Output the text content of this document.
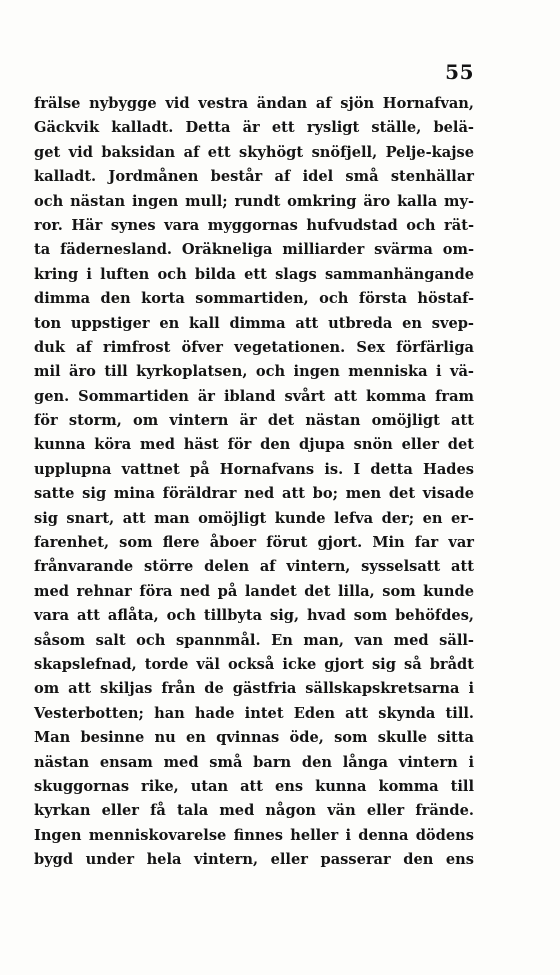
55
frälse nybygge vid vestra ändan af sjön Hornafvan,
Gäckvik kalladt. Detta är ett rysligt ställe, belä-
get vid baksidan af ett skyhögt snöfjell, Pelje-kajse
kalladt. Jordmånen består af idel små stenhällar
och nästan ingen mull; rundt omkring äro kalla my-
ror. Här synes vara myggornas hufvudstad och rät-
ta fädernesland. Oräkneliga milliarder svärma om-
kring i luften och bilda ett slags sammanhängande
dimma den korta sommartiden, och första höstaf-
ton uppstiger en kall dimma att utbreda en svep-
duk af rimfrost öfver vegetationen. Sex förfärliga
mil äro till kyrkoplatsen, och ingen menniska i vä-
gen. Sommartiden är ibland svårt att komma fram
för storm, om vintern är det nästan omöjligt att
kunna köra med häst för den djupa snön eller det
upplupna vattnet på Hornafvans is. I detta Hades
satte sig mina föräldrar ned att bo; men det visade
sig snart, att man omöjligt kunde lefva der; en er-
farenhet, som flere åboer förut gjort. Min far var
frånvarande större delen af vintern, sysselsatt att
med rehnar föra ned på landet det lilla, som kunde
vara att aflåta, och tillbyta sig, hvad som behöfdes,
såsom salt och spannmål. En man, van med säll-
skapslefnad, torde väl också icke gjort sig så brådt
om att skiljas från de gästfria sällskapskretsarna i
Vesterbotten; han hade intet Eden att skynda till.
Man besinne nu en qvinnas öde, som skulle sitta
nästan ensam med små barn den långa vintern i
skuggornas rike, utan att ens kunna komma till
kyrkan eller få tala med någon vän eller frände.
Ingen menniskovarelse finnes heller i denna dödens
bygd under hela vintern, eller passerar den ens
